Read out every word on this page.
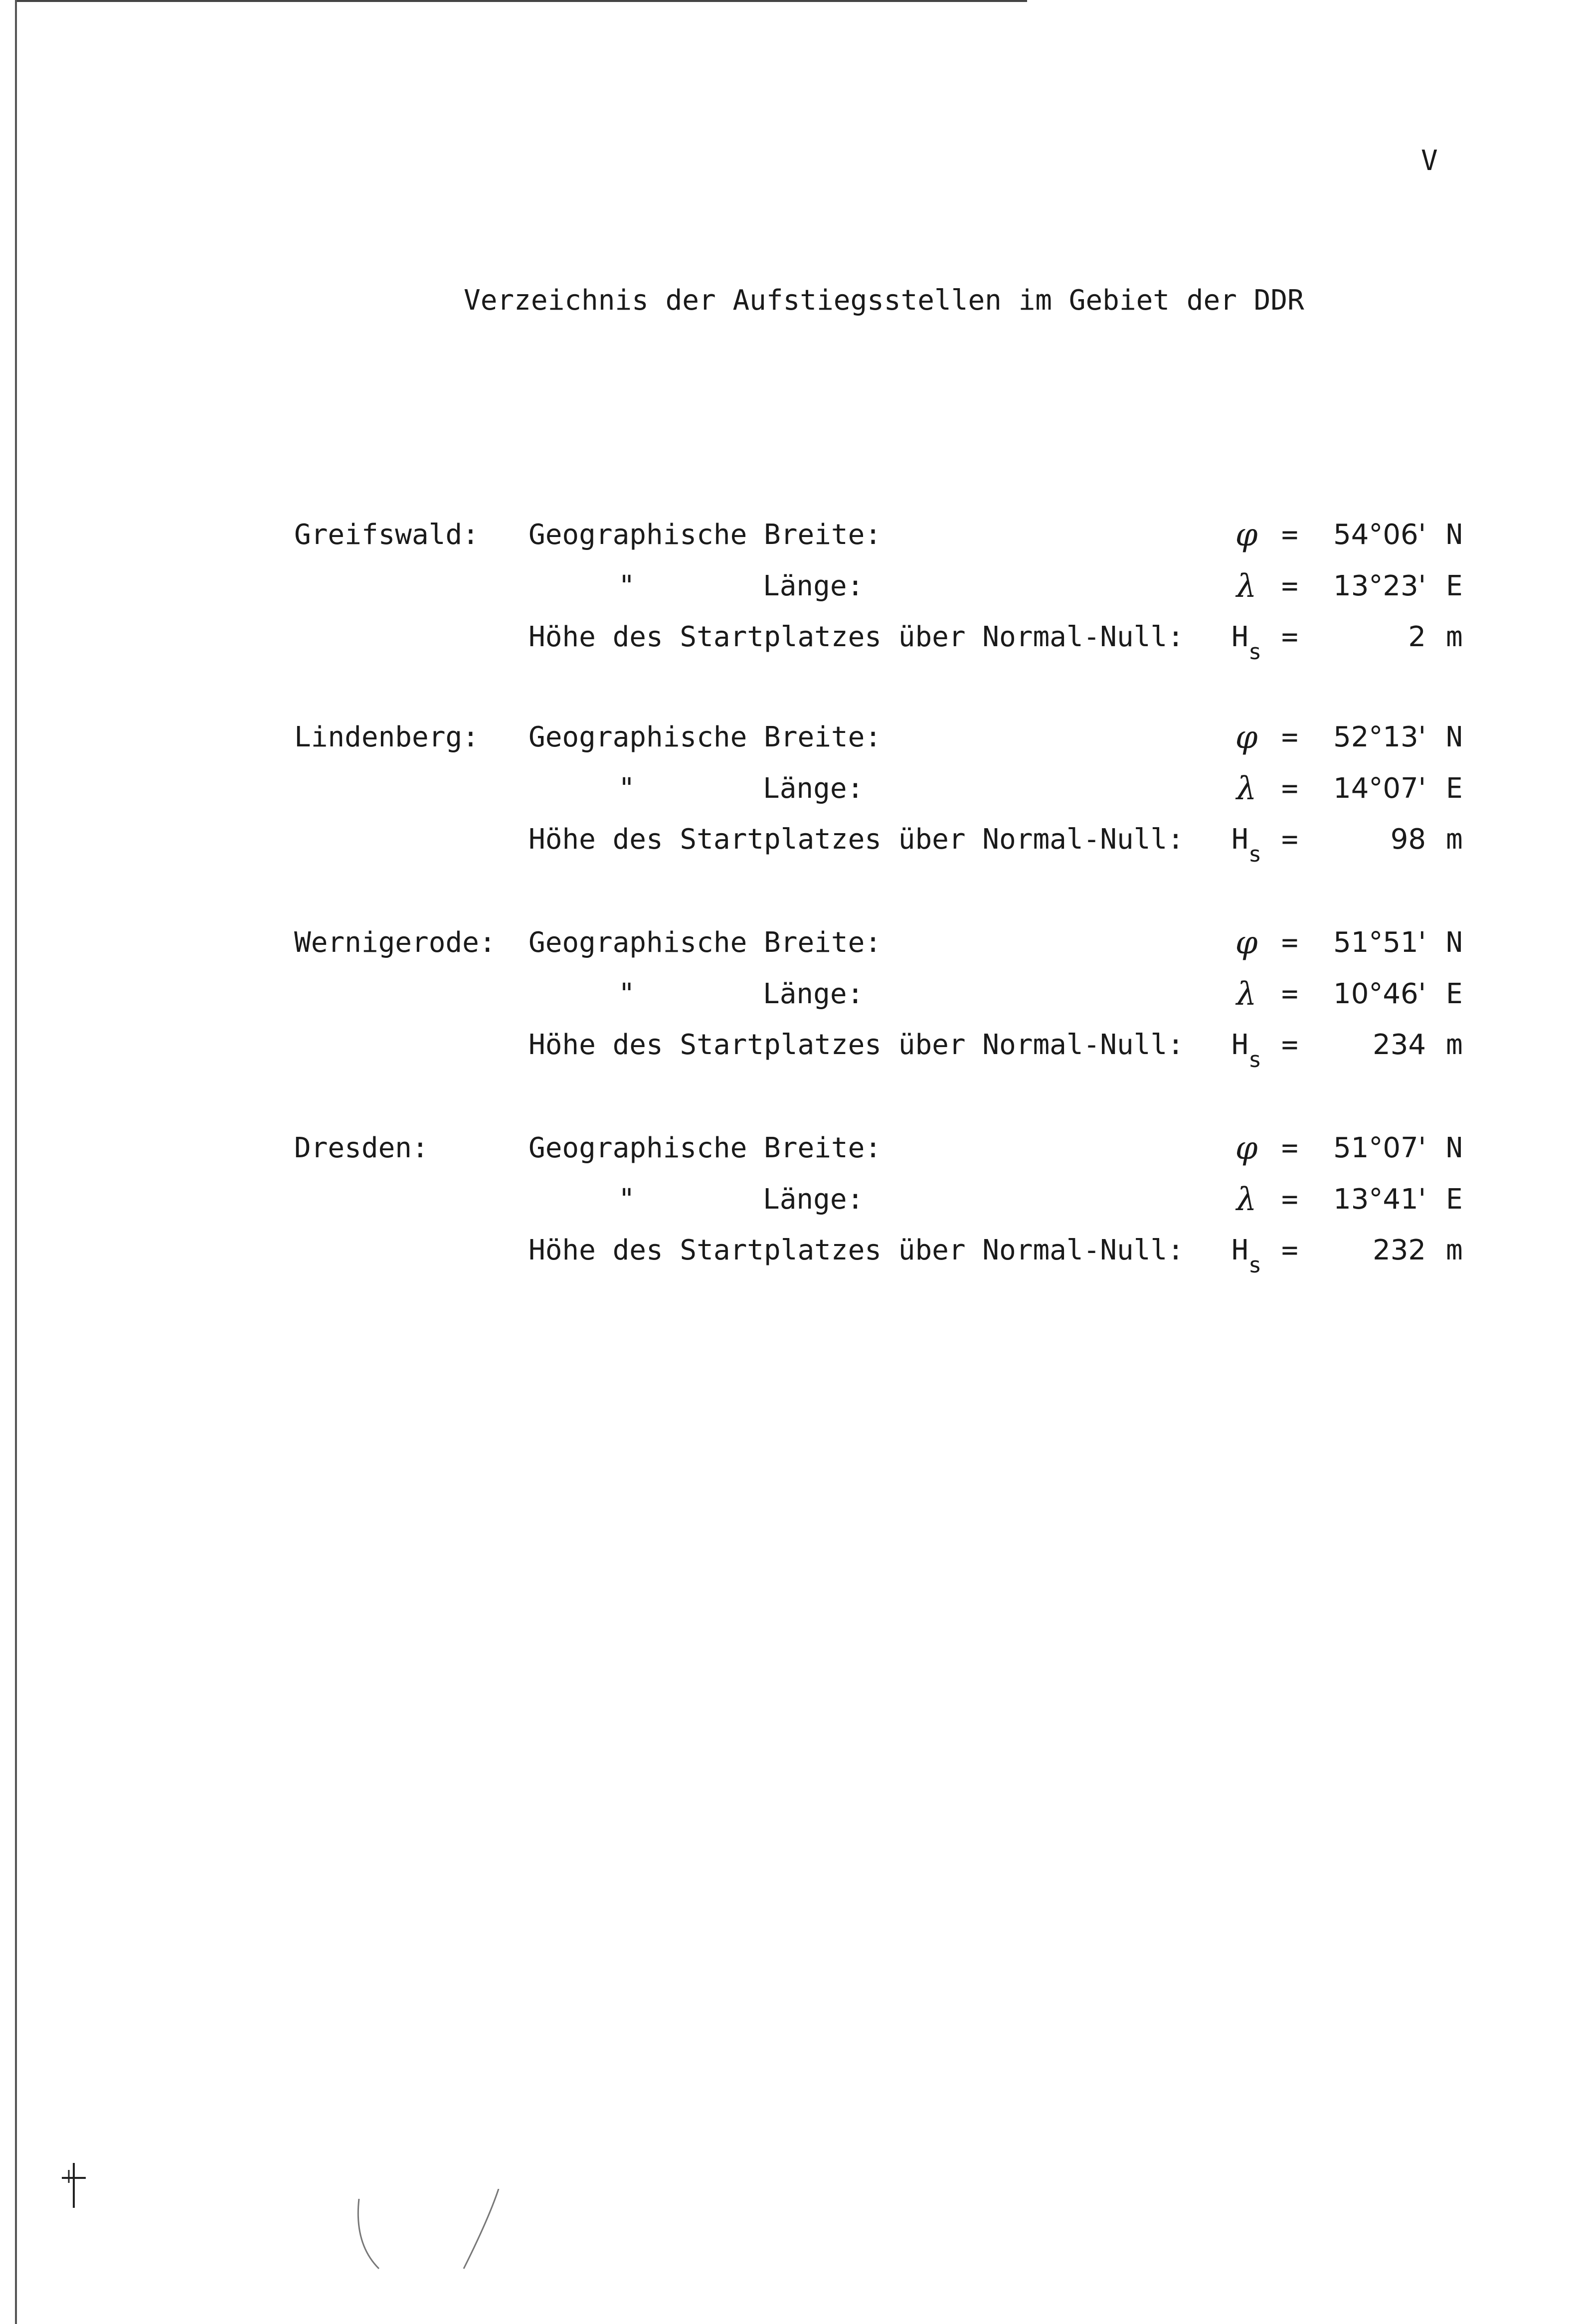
V
Verzeichnis der Aufstiegsstellen im Gebiet der DDR
Greifswald: Geographische Breite:	φ =	54°06' N
"	Länge:	λ =	13°23' E
Höhe des Startplatzes über Normal-Null: $H_s$ =	2 m
Lindenberg: Geographische Breite:	φ =	52°13' N
"	Länge:	λ =	14°07' E
Höhe des Startplatzes über Normal-Null: $H_s$ =	98 m
Wernigerode: Geographische Breite:	φ =	51°51' N
"	Länge:	λ =	10°46' E
Höhe des Startplatzes über Normal-Null: $H_s$ =	234 m
Dresden:	Geographische Breite:	φ =	51°07' N
"	Länge:	λ =	13°41' E
Höhe des Startplatzes über Normal-Null: $H_s$ =	232 m
